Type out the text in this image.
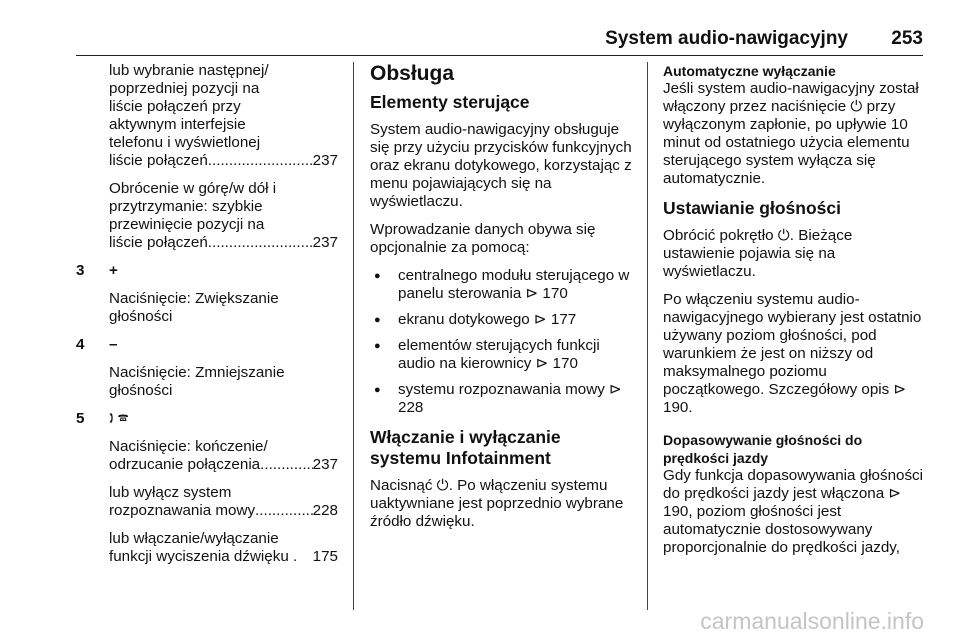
System audio-nawigacyjny 253

lub wybranie następnej/
poprzedniej pozycji na
liście połączeń przy
aktywnym interfejsie
telefonu i wyświetlonej

liście połączeń .....	237

Obrócenie w górę/w dół i
przytrzymanie: szybkie
przewinięcie pozycji na

liście połączeń .....	237

3 +
Naciśnięcie: Zwiększanie głośności
4 –
Naciśnięcie: Zmniejszanie głośności
5 🕽 🕿

Naciśnięcie: kończenie/

odrzucanie połączenia .....	237

lub wyłącz system

rozpoznawania mowy .....	228

lub włączanie/wyłączanie

funkcji wyciszenia dźwięku . 175

Obsługa
Elementy sterujące

System audio-nawigacyjny obsługuje się przy użyciu przycisków funkcyjnych oraz ekranu dotykowego, korzystając z menu pojawiających się na wyświetlaczu.

Wprowadzanie danych obywa się opcjonalnie za pomocą:

● centralnego modułu sterującego w panelu sterowania ⊳ 170
● ekranu dotykowego ⊳ 177
● elementów sterujących funkcji audio na kierownicy ⊳ 170
● systemu rozpoznawania mowy ⊳ 228
Włączanie i wyłączanie systemu Infotainment

Nacisnąć ⏻. Po włączeniu systemu uaktywniane jest poprzednio wybrane źródło dźwięku.

Automatyczne wyłączanie

Jeśli system audio-nawigacyjny został włączony przez naciśnięcie ⏻ przy wyłączonym zapłonie, po upływie 10 minut od ostatniego użycia elementu sterującego system wyłącza się automatycznie.

Ustawianie głośności

Obrócić pokrętło ⏻. Bieżące ustawienie pojawia się na wyświetlaczu.

Po włączeniu systemu audio-nawigacyjnego wybierany jest ostatnio używany poziom głośności, pod warunkiem że jest on niższy od maksymalnego poziomu początkowego. Szczegółowy opis ⊳ 190.

Dopasowywanie głośności do prędkości jazdy

Gdy funkcja dopasowywania głośności do prędkości jazdy jest włączona ⊳ 190, poziom głośności jest automatycznie dostosowywany proporcjonalnie do prędkości jazdy,

carmanualsonline.info
